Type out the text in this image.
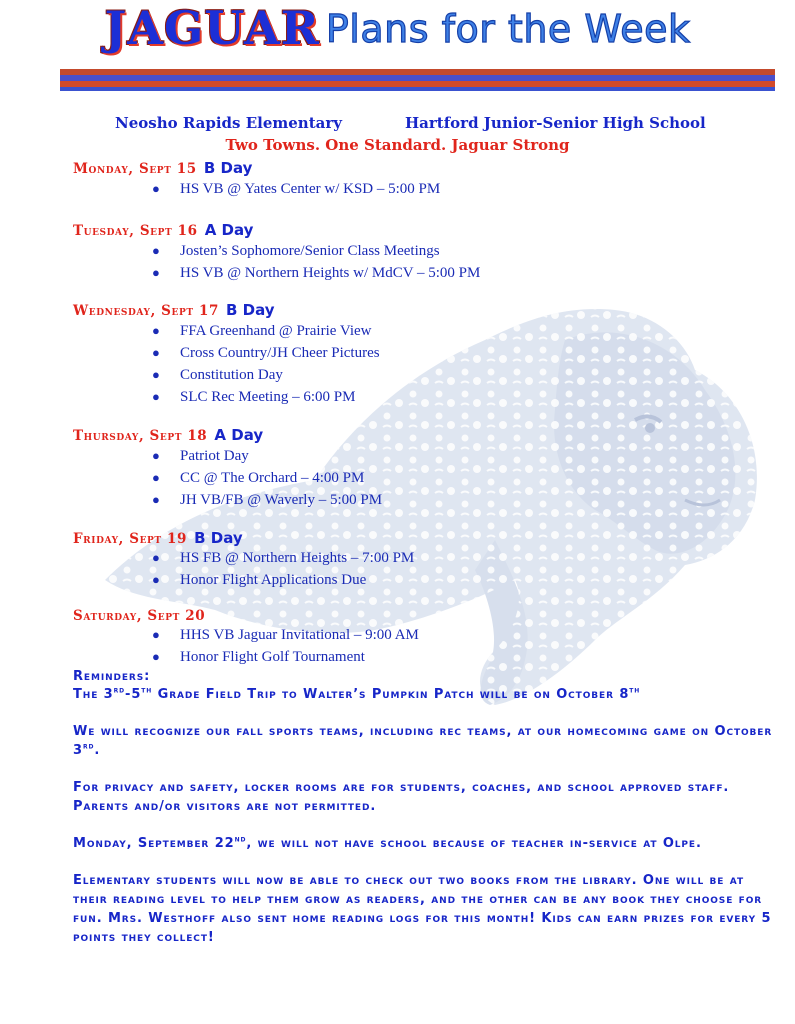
JAGUAR Plans for the Week
Neosho Rapids Elementary	Hartford Junior-Senior High School
Two Towns. One Standard. Jaguar Strong
Monday, Sept 15 B Day
● HS VB @ Yates Center w/ KSD – 5:00 PM
Tuesday, Sept 16 A Day
● Josten’s Sophomore/Senior Class Meetings
● HS VB @ Northern Heights w/ MdCV – 5:00 PM
Wednesday, Sept 17 B Day
● FFA Greenhand @ Prairie View
● Cross Country/JH Cheer Pictures
● Constitution Day
● SLC Rec Meeting – 6:00 PM
Thursday, Sept 18 A Day
● Patriot Day
● CC @ The Orchard – 4:00 PM
● JH VB/FB @ Waverly – 5:00 PM
Friday, Sept 19 B Day
● HS FB @ Northern Heights – 7:00 PM
● Honor Flight Applications Due
Saturday, Sept 20
● HHS VB Jaguar Invitational – 9:00 AM
● Honor Flight Golf Tournament
Reminders:

The 3rd-5th Grade Field Trip to Walter’s Pumpkin Patch will be on October 8th

We will recognize our fall sports teams, including rec teams, at our homecoming game on October 3rd.

For privacy and safety, locker rooms are for students, coaches, and school approved staff. Parents and/or visitors are not permitted.

Monday, September 22nd, we will not have school because of teacher in-service at Olpe.

Elementary students will now be able to check out two books from the library. One will be at their reading level to help them grow as readers, and the other can be any book they choose for fun. Mrs. Westhoff also sent home reading logs for this month! Kids can earn prizes for every 5 points they collect!
